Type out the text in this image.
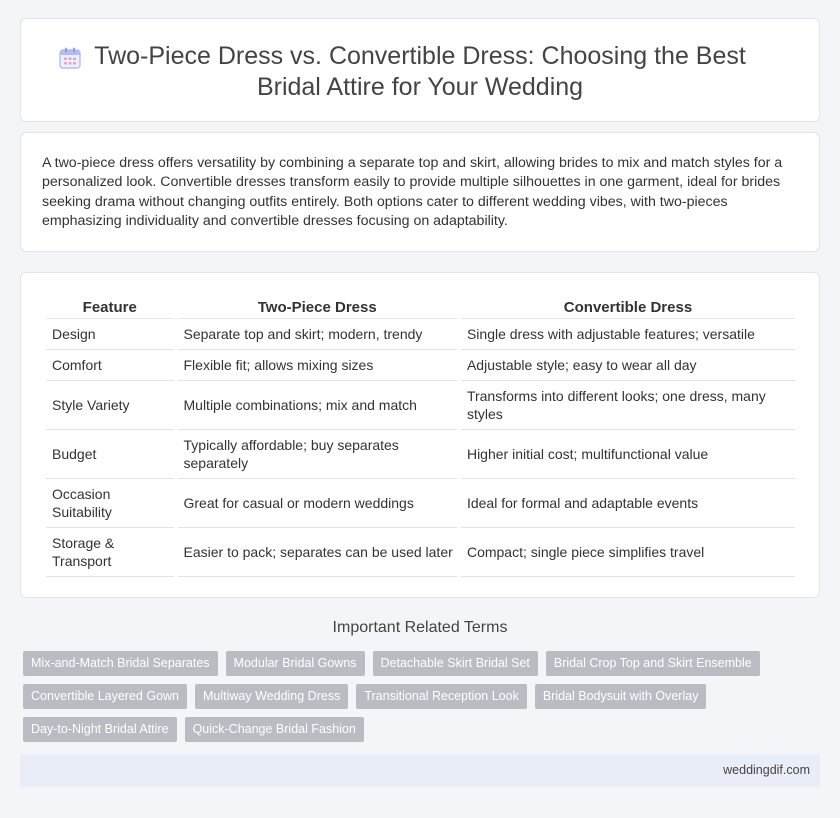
Two-Piece Dress vs. Convertible Dress: Choosing the Best Bridal Attire for Your Wedding

A two-piece dress offers versatility by combining a separate top and skirt, allowing brides to mix and match styles for a personalized look. Convertible dresses transform easily to provide multiple silhouettes in one garment, ideal for brides seeking drama without changing outfits entirely. Both options cater to different wedding vibes, with two-pieces emphasizing individuality and convertible dresses focusing on adaptability.

Feature	Two-Piece Dress	Convertible Dress
Design	Separate top and skirt; modern, trendy	Single dress with adjustable features; versatile
Comfort	Flexible fit; allows mixing sizes	Adjustable style; easy to wear all day
Style Variety	Multiple combinations; mix and match	Transforms into different looks; one dress, many styles
Budget	Typically affordable; buy separates separately	Higher initial cost; multifunctional value
Occasion Suitability	Great for casual or modern weddings	Ideal for formal and adaptable events
Storage & Transport	Easier to pack; separates can be used later	Compact; single piece simplifies travel
Important Related Terms
Mix-and-Match Bridal Separates	Modular Bridal Gowns	Detachable Skirt Bridal Set	Bridal Crop Top and Skirt Ensemble
Convertible Layered Gown	Multiway Wedding Dress	Transitional Reception Look	Bridal Bodysuit with Overlay
Day-to-Night Bridal Attire	Quick-Change Bridal Fashion
weddingdif.com
